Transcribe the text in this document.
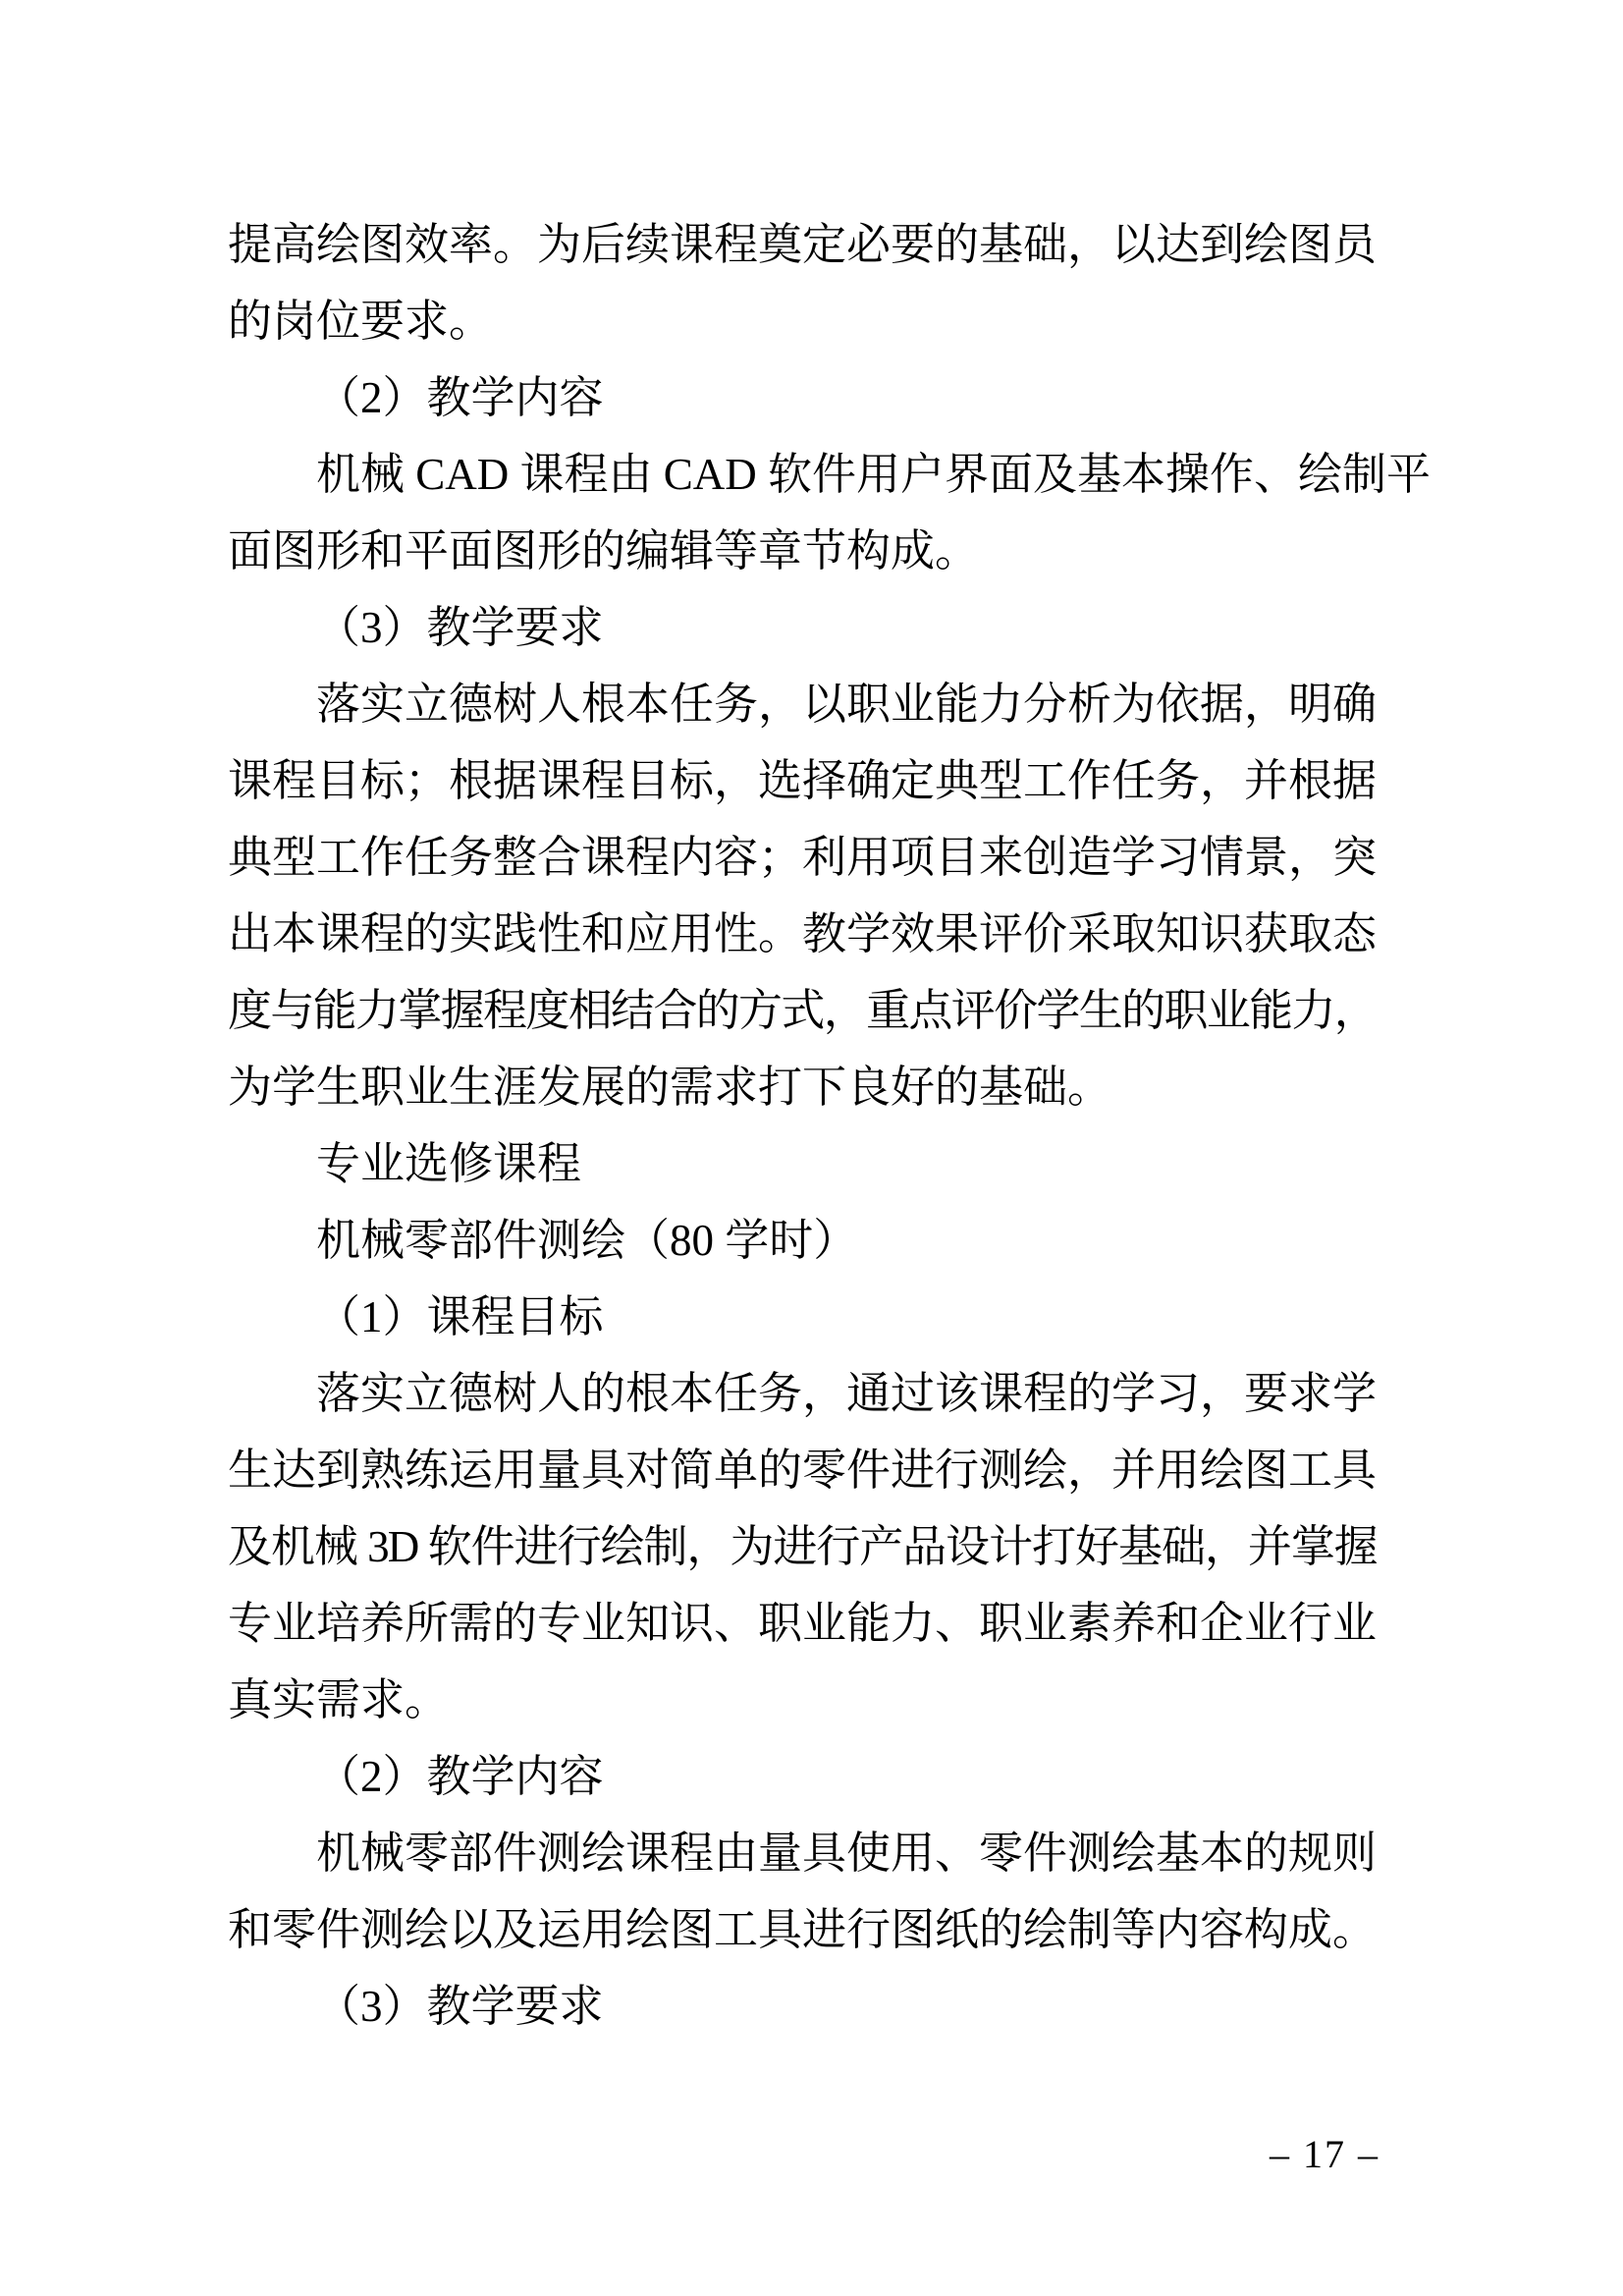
提高绘图效率。为后续课程奠定必要的基础，以达到绘图员
的岗位要求。
（2）教学内容
机械 CAD 课程由 CAD 软件用户界面及基本操作、绘制平
面图形和平面图形的编辑等章节构成。
（3）教学要求
落实立德树人根本任务，以职业能力分析为依据，明确
课程目标；根据课程目标，选择确定典型工作任务，并根据
典型工作任务整合课程内容；利用项目来创造学习情景，突
出本课程的实践性和应用性。教学效果评价采取知识获取态
度与能力掌握程度相结合的方式，重点评价学生的职业能力，
为学生职业生涯发展的需求打下良好的基础。
专业选修课程
机械零部件测绘（80 学时）
（1）课程目标
落实立德树人的根本任务，通过该课程的学习，要求学
生达到熟练运用量具对简单的零件进行测绘，并用绘图工具
及机械 3D 软件进行绘制，为进行产品设计打好基础，并掌握
专业培养所需的专业知识、职业能力、职业素养和企业行业
真实需求。
（2）教学内容
机械零部件测绘课程由量具使用、零件测绘基本的规则
和零件测绘以及运用绘图工具进行图纸的绘制等内容构成。
（3）教学要求
– 17 –
